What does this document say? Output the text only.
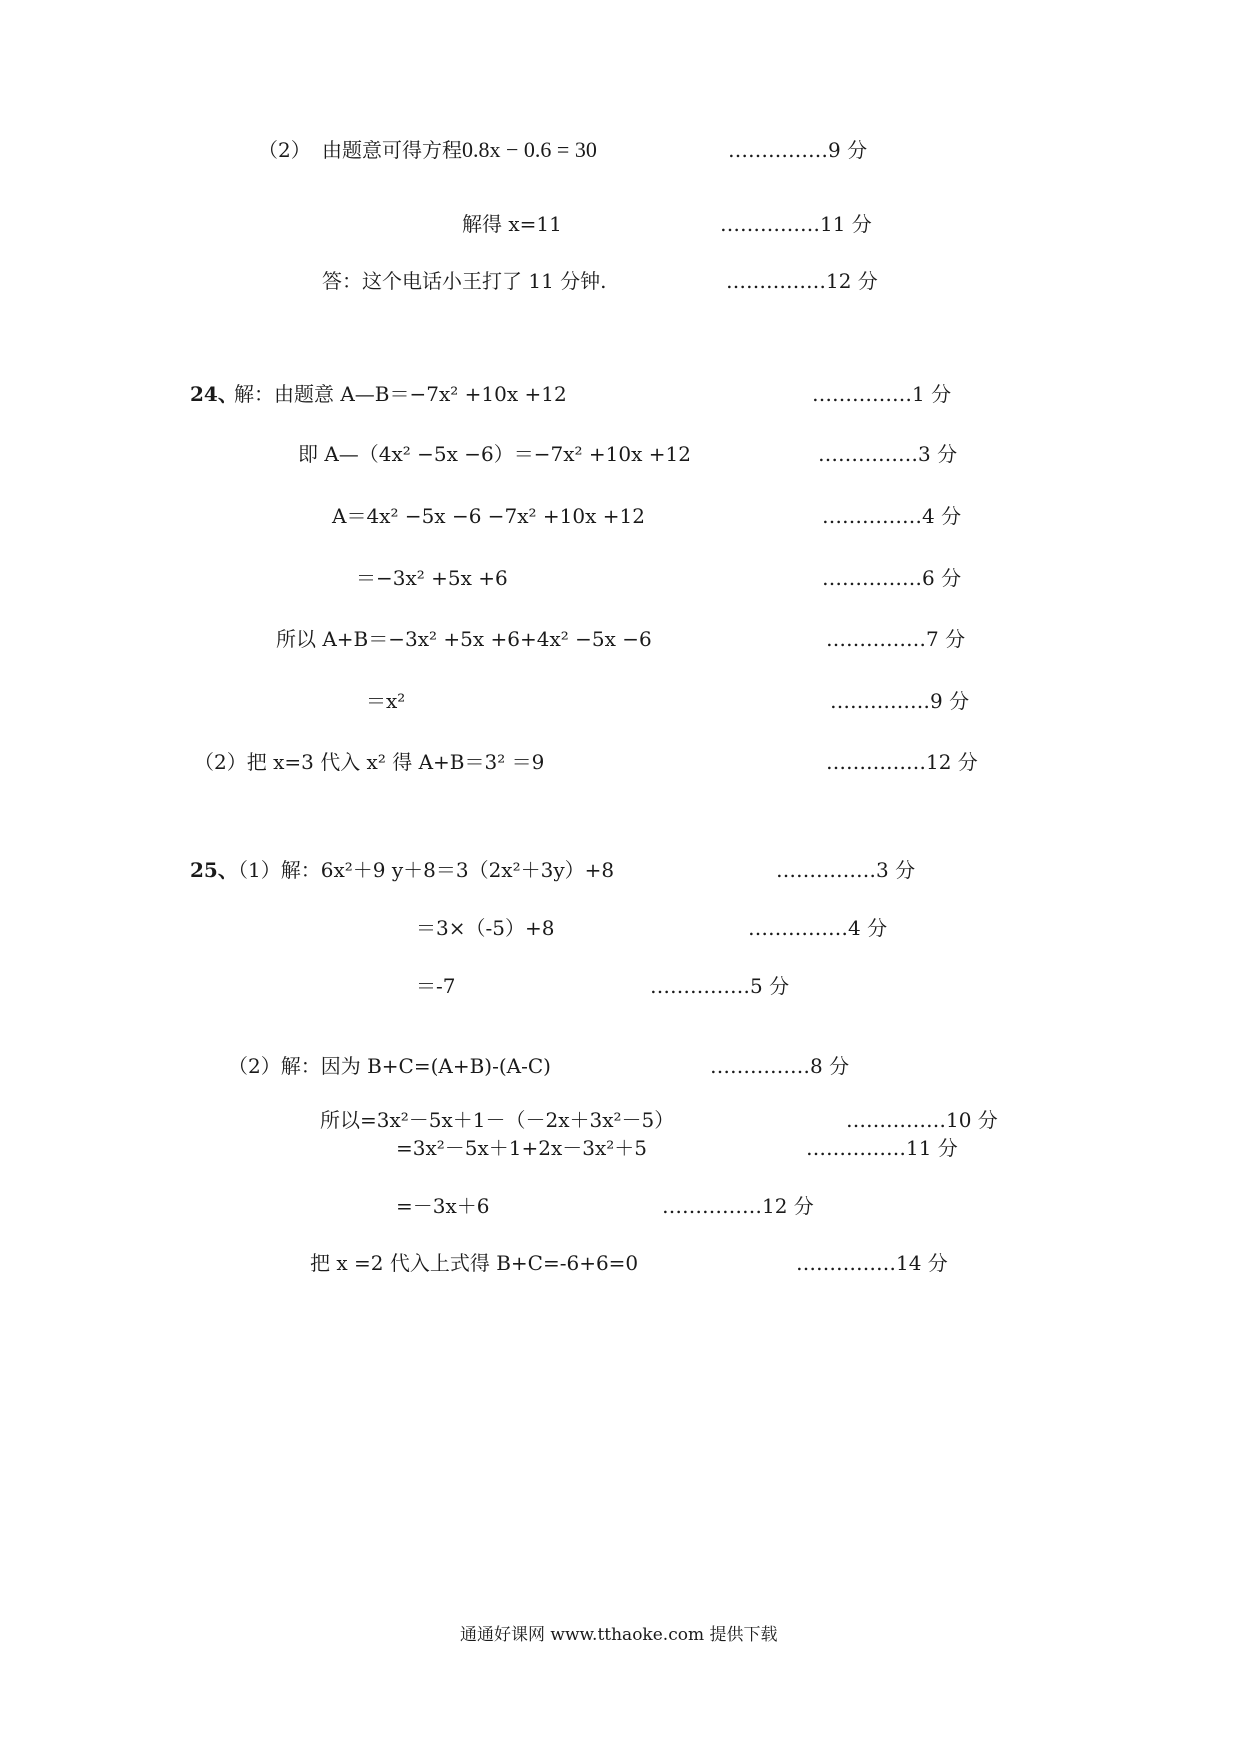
（2） 由题意可得方程0.8x − 0.6 = 30	……………9 分
解得 x=11	……………11 分
答：这个电话小王打了 11 分钟.	……………12 分
24、
解：由题意 A—B＝−7x² +10x +12	……………1 分
即 A—（4x² −5x −6）＝−7x² +10x +12	……………3 分
A＝4x² −5x −6 −7x² +10x +12	……………4 分
＝−3x² +5x +6	……………6 分
所以 A+B＝−3x² +5x +6+4x² −5x −6	……………7 分
＝x²	……………9 分
（2）把 x=3 代入 x² 得 A+B＝3² ＝9	……………12 分
25、
（1）解：6x²＋9 y＋8＝3（2x²＋3y）+8	……………3 分
＝3×（-5）+8	……………4 分
＝-7	……………5 分
（2）解：因为 B+C=(A+B)-(A-C)	……………8 分
所以=3x²－5x＋1－（－2x＋3x²－5）	……………10 分
=3x²－5x＋1+2x－3x²＋5	……………11 分
=－3x＋6	……………12 分
把 x =2 代入上式得 B+C=-6+6=0	……………14 分
通通好课网 www.tthaoke.com 提供下载
